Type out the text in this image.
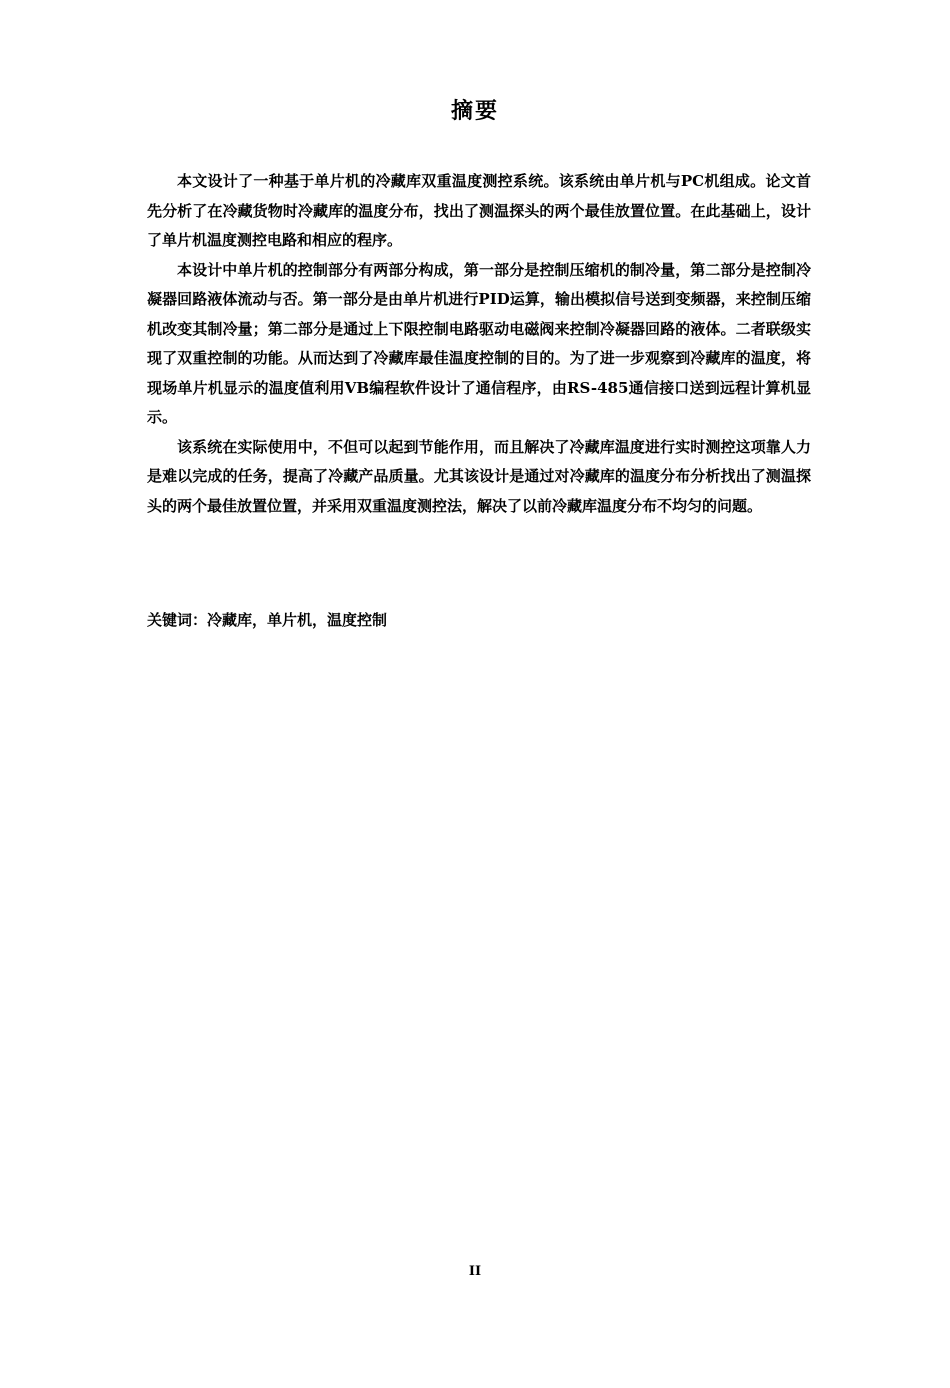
摘要

本文设计了一种基于单片机的冷藏库双重温度测控系统。该系统由单片机与PC机组成。论文首先分析了在冷藏货物时冷藏库的温度分布，找出了测温探头的两个最佳放置位置。在此基础上，设计了单片机温度测控电路和相应的程序。

本设计中单片机的控制部分有两部分构成，第一部分是控制压缩机的制冷量，第二部分是控制冷凝器回路液体流动与否。第一部分是由单片机进行PID运算，输出模拟信号送到变频器，来控制压缩机改变其制冷量；第二部分是通过上下限控制电路驱动电磁阀来控制冷凝器回路的液体。二者联级实现了双重控制的功能。从而达到了冷藏库最佳温度控制的目的。为了进一步观察到冷藏库的温度，将现场单片机显示的温度值利用VB编程软件设计了通信程序，由RS-485通信接口送到远程计算机显示。

该系统在实际使用中，不但可以起到节能作用，而且解决了冷藏库温度进行实时测控这项靠人力是难以完成的任务，提高了冷藏产品质量。尤其该设计是通过对冷藏库的温度分布分析找出了测温探头的两个最佳放置位置，并采用双重温度测控法，解决了以前冷藏库温度分布不均匀的问题。

关键词：冷藏库，单片机，温度控制
II
